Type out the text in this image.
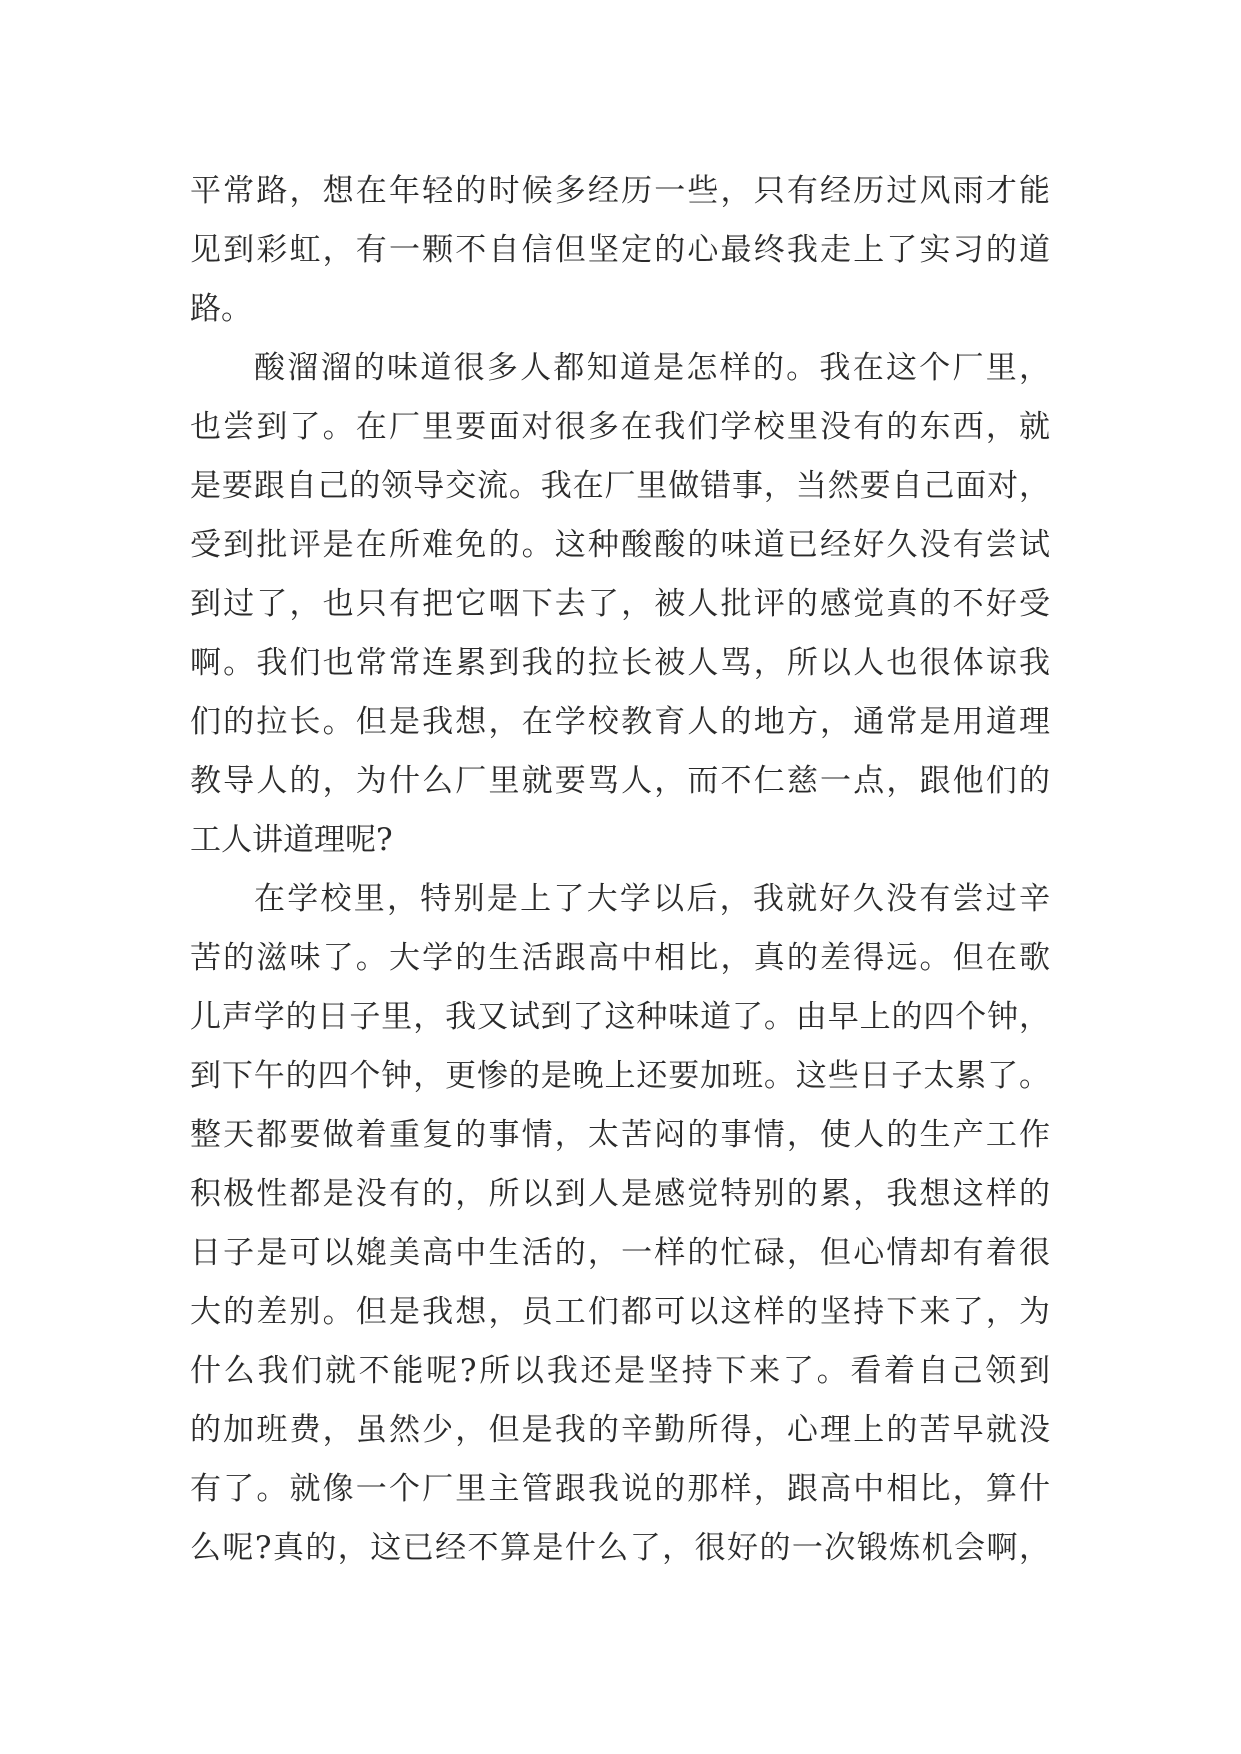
平常路，想在年轻的时候多经历一些，只有经历过风雨才能
见到彩虹，有一颗不自信但坚定的心最终我走上了实习的道
路。
酸溜溜的味道很多人都知道是怎样的。我在这个厂里，
也尝到了。在厂里要面对很多在我们学校里没有的东西，就
是要跟自己的领导交流。我在厂里做错事，当然要自己面对，
受到批评是在所难免的。这种酸酸的味道已经好久没有尝试
到过了，也只有把它咽下去了，被人批评的感觉真的不好受
啊。我们也常常连累到我的拉长被人骂，所以人也很体谅我
们的拉长。但是我想，在学校教育人的地方，通常是用道理
教导人的，为什么厂里就要骂人，而不仁慈一点，跟他们的
工人讲道理呢?
在学校里，特别是上了大学以后，我就好久没有尝过辛
苦的滋味了。大学的生活跟高中相比，真的差得远。但在歌
儿声学的日子里，我又试到了这种味道了。由早上的四个钟，
到下午的四个钟，更惨的是晚上还要加班。这些日子太累了。
整天都要做着重复的事情，太苦闷的事情，使人的生产工作
积极性都是没有的，所以到人是感觉特别的累，我想这样的
日子是可以媲美高中生活的，一样的忙碌，但心情却有着很
大的差别。但是我想，员工们都可以这样的坚持下来了，为
什么我们就不能呢?所以我还是坚持下来了。看着自己领到
的加班费，虽然少，但是我的辛勤所得，心理上的苦早就没
有了。就像一个厂里主管跟我说的那样，跟高中相比，算什
么呢?真的，这已经不算是什么了，很好的一次锻炼机会啊，
